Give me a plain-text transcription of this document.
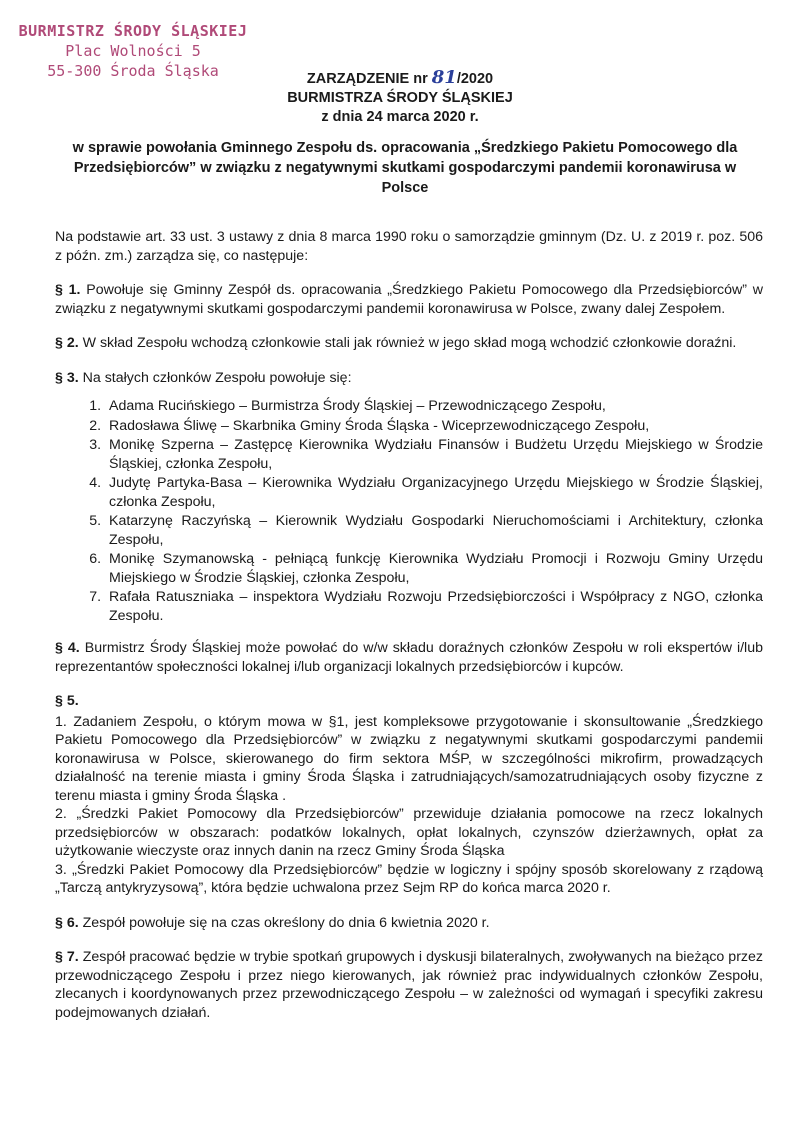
BURMISTRZ ŚRODY ŚLĄSKIEJ
Plac Wolności 5
55-300 Środa Śląska	ZARZĄDZENIE nr 81/2020
BURMISTRZA ŚRODY ŚLĄSKIEJ
z dnia 24 marca 2020 r.
w sprawie powołania Gminnego Zespołu ds. opracowania „Średzkiego Pakietu Pomocowego dla Przedsiębiorców” w związku z negatywnymi skutkami gospodarczymi pandemii koronawirusa w Polsce

Na podstawie art. 33 ust. 3 ustawy z dnia 8 marca 1990 roku o samorządzie gminnym (Dz. U. z 2019 r. poz. 506 z późn. zm.) zarządza się, co następuje:

§ 1. Powołuje się Gminny Zespół ds. opracowania „Średzkiego Pakietu Pomocowego dla Przedsiębiorców” w związku z negatywnymi skutkami gospodarczymi pandemii koronawirusa w Polsce, zwany dalej Zespołem.

§ 2. W skład Zespołu wchodzą członkowie stali jak również w jego skład mogą wchodzić członkowie doraźni.

§ 3. Na stałych członków Zespołu powołuje się:
1. Adama Rucińskiego – Burmistrza Środy Śląskiej – Przewodniczącego Zespołu,
2. Radosława Śliwę – Skarbnika Gminy Środa Śląska - Wiceprzewodniczącego Zespołu,
3. Monikę Szperna – Zastępcę Kierownika Wydziału Finansów i Budżetu Urzędu Miejskiego w Środzie Śląskiej, członka Zespołu,
4. Judytę Partyka-Basa – Kierownika Wydziału Organizacyjnego Urzędu Miejskiego w Środzie Śląskiej, członka Zespołu,
5. Katarzynę Raczyńską – Kierownik Wydziału Gospodarki Nieruchomościami i Architektury, członka Zespołu,
6. Monikę Szymanowską - pełniącą funkcję Kierownika Wydziału Promocji i Rozwoju Gminy Urzędu Miejskiego w Środzie Śląskiej, członka Zespołu,
7. Rafała Ratuszniaka – inspektora Wydziału Rozwoju Przedsiębiorczości i Współpracy z NGO, członka Zespołu.

§ 4. Burmistrz Środy Śląskiej może powołać do w/w składu doraźnych członków Zespołu w roli ekspertów i/lub reprezentantów społeczności lokalnej i/lub organizacji lokalnych przedsiębiorców i kupców.

§ 5.

1. Zadaniem Zespołu, o którym mowa w §1, jest kompleksowe przygotowanie i skonsultowanie „Średzkiego Pakietu Pomocowego dla Przedsiębiorców” w związku z negatywnymi skutkami gospodarczymi pandemii koronawirusa w Polsce, skierowanego do firm sektora MŚP, w szczególności mikrofirm, prowadzących działalność na terenie miasta i gminy Środa Śląska i zatrudniających/samozatrudniających osoby fizyczne z terenu miasta i gminy Środa Śląska .

2. „Średzki Pakiet Pomocowy dla Przedsiębiorców” przewiduje działania pomocowe na rzecz lokalnych przedsiębiorców w obszarach: podatków lokalnych, opłat lokalnych, czynszów dzierżawnych, opłat za użytkowanie wieczyste oraz innych danin na rzecz Gminy Środa Śląska

3. „Średzki Pakiet Pomocowy dla Przedsiębiorców” będzie w logiczny i spójny sposób skorelowany z rządową „Tarczą antykryzysową”, która będzie uchwalona przez Sejm RP do końca marca 2020 r.

§ 6. Zespół powołuje się na czas określony do dnia 6 kwietnia 2020 r.

§ 7. Zespół pracować będzie w trybie spotkań grupowych i dyskusji bilateralnych, zwoływanych na bieżąco przez przewodniczącego Zespołu i przez niego kierowanych, jak również prac indywidualnych członków Zespołu, zlecanych i koordynowanych przez przewodniczącego Zespołu – w zależności od wymagań i specyfiki zakresu podejmowanych działań.
